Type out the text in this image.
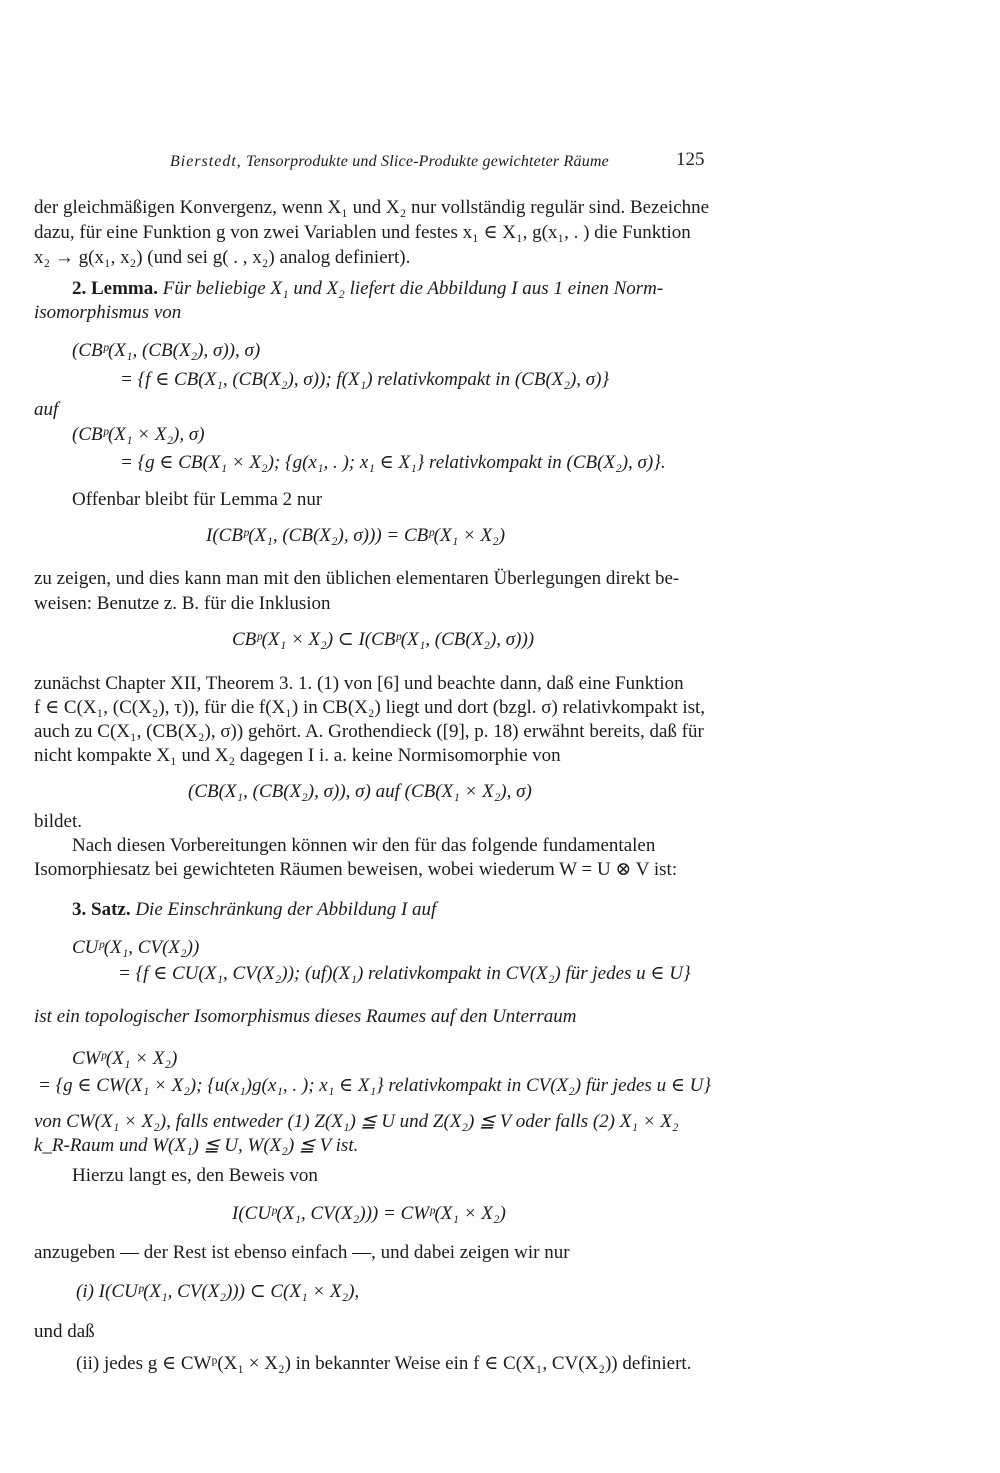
Bierstedt, Tensorprodukte und Slice-Produkte gewichteter Räume	125
der gleichmäßigen Konvergenz, wenn X₁ und X₂ nur vollständig regulär sind. Bezeichne
dazu, für eine Funktion g von zwei Variablen und festes x₁ ∈ X₁, g(x₁, . ) die Funktion
x₂ → g(x₁, x₂) (und sei g( . , x₂) analog definiert).
2. Lemma. Für beliebige X₁ und X₂ liefert die Abbildung I aus 1 einen Norm-
isomorphismus von
(CBᵖ(X₁, (CB(X₂), σ)), σ)
= {f ∈ CB(X₁, (CB(X₂), σ)); f(X₁) relativkompakt in (CB(X₂), σ)}
auf
(CBᵖ(X₁ × X₂), σ)
= {g ∈ CB(X₁ × X₂); {g(x₁, . ); x₁ ∈ X₁} relativkompakt in (CB(X₂), σ)}.
Offenbar bleibt für Lemma 2 nur
I(CBᵖ(X₁, (CB(X₂), σ))) = CBᵖ(X₁ × X₂)
zu zeigen, und dies kann man mit den üblichen elementaren Überlegungen direkt be-
weisen: Benutze z. B. für die Inklusion
CBᵖ(X₁ × X₂) ⊂ I(CBᵖ(X₁, (CB(X₂), σ)))
zunächst Chapter XII, Theorem 3. 1. (1) von [6] und beachte dann, daß eine Funktion
f ∈ C(X₁, (C(X₂), τ)), für die f(X₁) in CB(X₂) liegt und dort (bzgl. σ) relativkompakt ist,
auch zu C(X₁, (CB(X₂), σ)) gehört. A. Grothendieck ([9], p. 18) erwähnt bereits, daß für
nicht kompakte X₁ und X₂ dagegen I i. a. keine Normisomorphie von
(CB(X₁, (CB(X₂), σ)), σ) auf (CB(X₁ × X₂), σ)
bildet.
Nach diesen Vorbereitungen können wir den für das folgende fundamentalen
Isomorphiesatz bei gewichteten Räumen beweisen, wobei wiederum W = U ⊗ V ist:
3. Satz. Die Einschränkung der Abbildung I auf
CUᵖ(X₁, CV(X₂))
= {f ∈ CU(X₁, CV(X₂)); (uf)(X₁) relativkompakt in CV(X₂) für jedes u ∈ U}
ist ein topologischer Isomorphismus dieses Raumes auf den Unterraum
CWᵖ(X₁ × X₂)
= {g ∈ CW(X₁ × X₂); {u(x₁)g(x₁, . ); x₁ ∈ X₁} relativkompakt in CV(X₂) für jedes u ∈ U}
von CW(X₁ × X₂), falls entweder (1) Z(X₁) ≦ U und Z(X₂) ≦ V oder falls (2) X₁ × X₂
k_R-Raum und W(X₁) ≦ U, W(X₂) ≦ V ist.
Hierzu langt es, den Beweis von
I(CUᵖ(X₁, CV(X₂))) = CWᵖ(X₁ × X₂)
anzugeben — der Rest ist ebenso einfach —, und dabei zeigen wir nur
(i) I(CUᵖ(X₁, CV(X₂))) ⊂ C(X₁ × X₂),
und daß
(ii) jedes g ∈ CWᵖ(X₁ × X₂) in bekannter Weise ein f ∈ C(X₁, CV(X₂)) definiert.
